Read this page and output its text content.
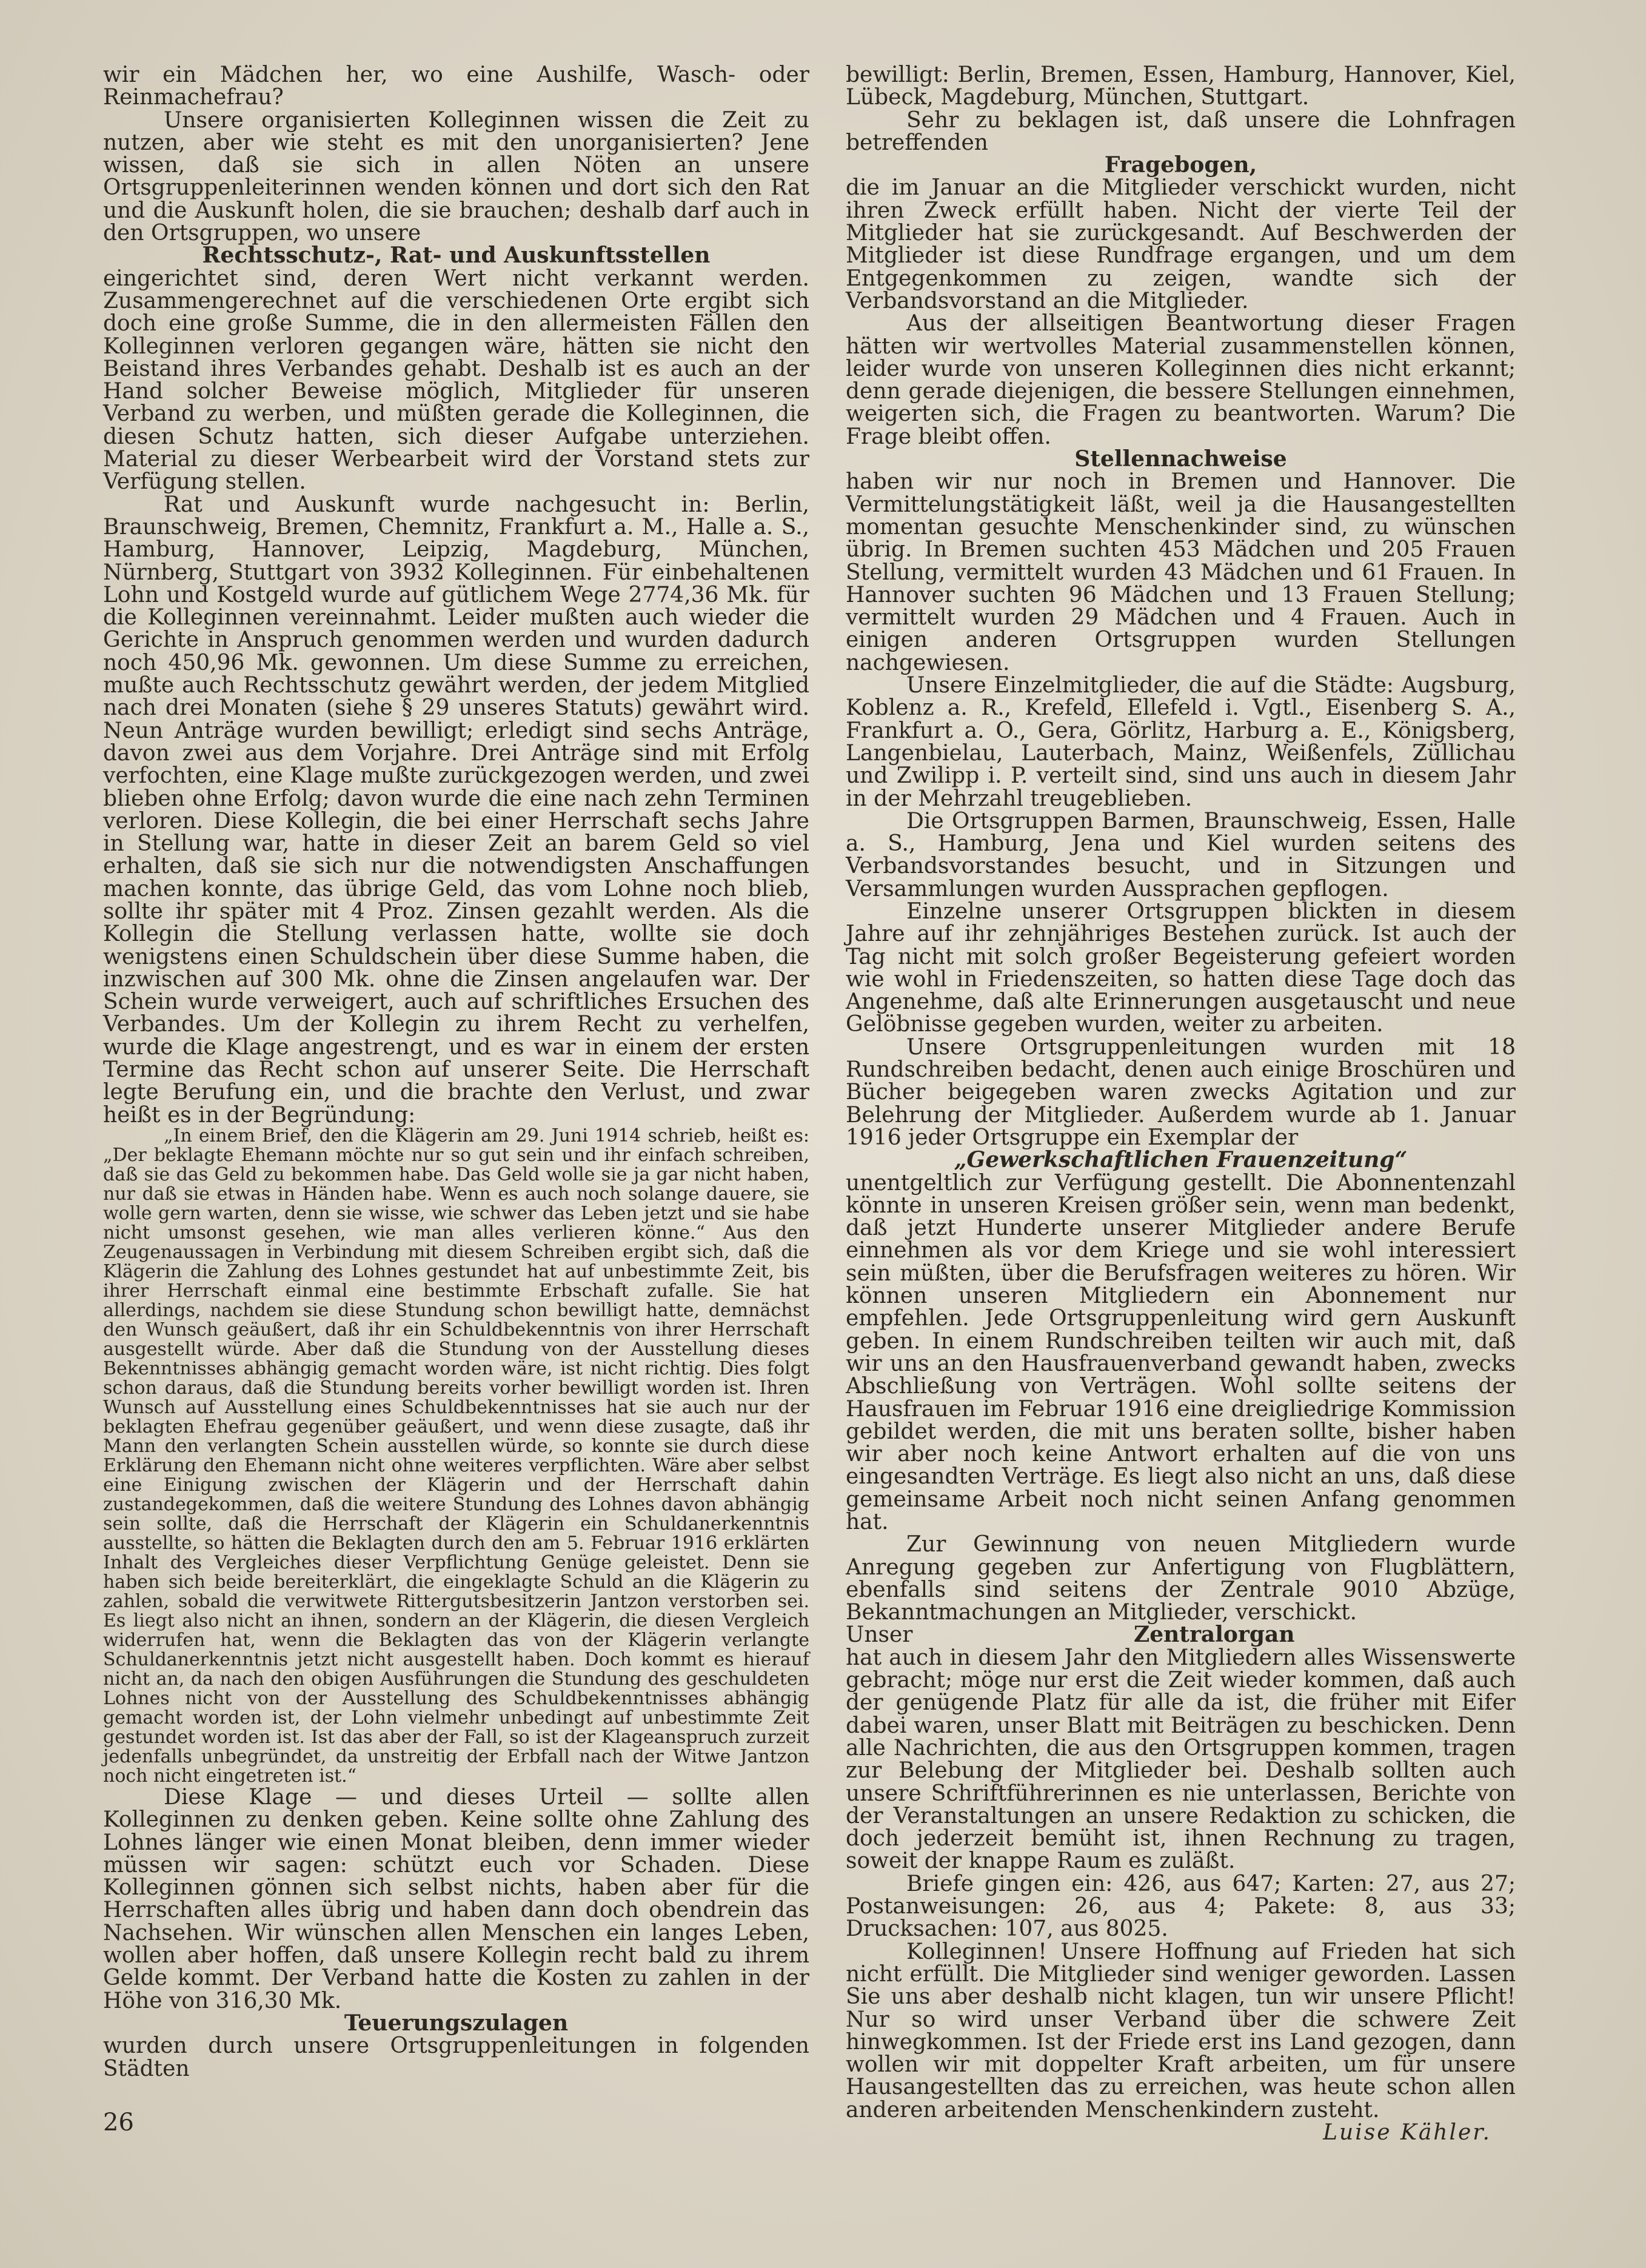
wir ein Mädchen her, wo eine Aushilfe, Wasch- oder Reinmachefrau?

Unsere organisierten Kolleginnen wissen die Zeit zu nutzen, aber wie steht es mit den unorganisierten? Jene wissen, daß sie sich in allen Nöten an unsere Ortsgruppenleiterinnen wenden können und dort sich den Rat und die Auskunft holen, die sie brauchen; deshalb darf auch in den Ortsgruppen, wo unsere

Rechtsschutz-, Rat- und Auskunftsstellen

eingerichtet sind, deren Wert nicht verkannt werden. Zusammengerechnet auf die verschiedenen Orte ergibt sich doch eine große Summe, die in den allermeisten Fällen den Kolleginnen verloren gegangen wäre, hätten sie nicht den Beistand ihres Verbandes gehabt. Deshalb ist es auch an der Hand solcher Beweise möglich, Mitglieder für unseren Verband zu werben, und müßten gerade die Kolleginnen, die diesen Schutz hatten, sich dieser Aufgabe unterziehen. Material zu dieser Werbearbeit wird der Vorstand stets zur Verfügung stellen.

Rat und Auskunft wurde nachgesucht in: Berlin, Braunschweig, Bremen, Chemnitz, Frankfurt a. M., Halle a. S., Hamburg, Hannover, Leipzig, Magdeburg, München, Nürnberg, Stuttgart von 3932 Kolleginnen. Für einbehaltenen Lohn und Kostgeld wurde auf gütlichem Wege 2774,36 Mk. für die Kolleginnen vereinnahmt. Leider mußten auch wieder die Gerichte in Anspruch genommen werden und wurden dadurch noch 450,96 Mk. gewonnen. Um diese Summe zu erreichen, mußte auch Rechtsschutz gewährt werden, der jedem Mitglied nach drei Monaten (siehe § 29 unseres Statuts) gewährt wird. Neun Anträge wurden bewilligt; erledigt sind sechs Anträge, davon zwei aus dem Vorjahre. Drei Anträge sind mit Erfolg verfochten, eine Klage mußte zurückgezogen werden, und zwei blieben ohne Erfolg; davon wurde die eine nach zehn Terminen verloren. Diese Kollegin, die bei einer Herrschaft sechs Jahre in Stellung war, hatte in dieser Zeit an barem Geld so viel erhalten, daß sie sich nur die notwendigsten Anschaffungen machen konnte, das übrige Geld, das vom Lohne noch blieb, sollte ihr später mit 4 Proz. Zinsen gezahlt werden. Als die Kollegin die Stellung verlassen hatte, wollte sie doch wenigstens einen Schuldschein über diese Summe haben, die inzwischen auf 300 Mk. ohne die Zinsen angelaufen war. Der Schein wurde verweigert, auch auf schriftliches Ersuchen des Verbandes. Um der Kollegin zu ihrem Recht zu verhelfen, wurde die Klage angestrengt, und es war in einem der ersten Termine das Recht schon auf unserer Seite. Die Herrschaft legte Berufung ein, und die brachte den Verlust, und zwar heißt es in der Begründung:

„In einem Brief, den die Klägerin am 29. Juni 1914 schrieb, heißt es: „Der beklagte Ehemann möchte nur so gut sein und ihr einfach schreiben, daß sie das Geld zu bekommen habe. Das Geld wolle sie ja gar nicht haben, nur daß sie etwas in Händen habe. Wenn es auch noch solange dauere, sie wolle gern warten, denn sie wisse, wie schwer das Leben jetzt und sie habe nicht umsonst gesehen, wie man alles verlieren könne.“ Aus den Zeugenaussagen in Verbindung mit diesem Schreiben ergibt sich, daß die Klägerin die Zahlung des Lohnes gestundet hat auf unbestimmte Zeit, bis ihrer Herrschaft einmal eine bestimmte Erbschaft zufalle. Sie hat allerdings, nachdem sie diese Stundung schon bewilligt hatte, demnächst den Wunsch geäußert, daß ihr ein Schuldbekenntnis von ihrer Herrschaft ausgestellt würde. Aber daß die Stundung von der Ausstellung dieses Bekenntnisses abhängig gemacht worden wäre, ist nicht richtig. Dies folgt schon daraus, daß die Stundung bereits vorher bewilligt worden ist. Ihren Wunsch auf Ausstellung eines Schuldbekenntnisses hat sie auch nur der beklagten Ehefrau gegenüber geäußert, und wenn diese zusagte, daß ihr Mann den verlangten Schein ausstellen würde, so konnte sie durch diese Erklärung den Ehemann nicht ohne weiteres verpflichten. Wäre aber selbst eine Einigung zwischen der Klägerin und der Herrschaft dahin zustandegekommen, daß die weitere Stundung des Lohnes davon abhängig sein sollte, daß die Herrschaft der Klägerin ein Schuldanerkenntnis ausstellte, so hätten die Beklagten durch den am 5. Februar 1916 erklärten Inhalt des Vergleiches dieser Verpflichtung Genüge geleistet. Denn sie haben sich beide bereiterklärt, die eingeklagte Schuld an die Klägerin zu zahlen, sobald die verwitwete Rittergutsbesitzerin Jantzon verstorben sei. Es liegt also nicht an ihnen, sondern an der Klägerin, die diesen Vergleich widerrufen hat, wenn die Beklagten das von der Klägerin verlangte Schuldanerkenntnis jetzt nicht ausgestellt haben. Doch kommt es hierauf nicht an, da nach den obigen Ausführungen die Stundung des geschuldeten Lohnes nicht von der Ausstellung des Schuldbekenntnisses abhängig gemacht worden ist, der Lohn vielmehr unbedingt auf unbestimmte Zeit gestundet worden ist. Ist das aber der Fall, so ist der Klageanspruch zurzeit jedenfalls unbegründet, da unstreitig der Erbfall nach der Witwe Jantzon noch nicht eingetreten ist.“

Diese Klage — und dieses Urteil — sollte allen Kolleginnen zu denken geben. Keine sollte ohne Zahlung des Lohnes länger wie einen Monat bleiben, denn immer wieder müssen wir sagen: schützt euch vor Schaden. Diese Kolleginnen gönnen sich selbst nichts, haben aber für die Herrschaften alles übrig und haben dann doch obendrein das Nachsehen. Wir wünschen allen Menschen ein langes Leben, wollen aber hoffen, daß unsere Kollegin recht bald zu ihrem Gelde kommt. Der Verband hatte die Kosten zu zahlen in der Höhe von 316,30 Mk.

Teuerungszulagen

wurden durch unsere Ortsgruppenleitungen in folgenden Städten

bewilligt: Berlin, Bremen, Essen, Hamburg, Hannover, Kiel, Lübeck, Magdeburg, München, Stuttgart.

Sehr zu beklagen ist, daß unsere die Lohnfragen betreffenden

Fragebogen,

die im Januar an die Mitglieder verschickt wurden, nicht ihren Zweck erfüllt haben. Nicht der vierte Teil der Mitglieder hat sie zurückgesandt. Auf Beschwerden der Mitglieder ist diese Rundfrage ergangen, und um dem Entgegenkommen zu zeigen, wandte sich der Verbandsvorstand an die Mitglieder.

Aus der allseitigen Beantwortung dieser Fragen hätten wir wertvolles Material zusammenstellen können, leider wurde von unseren Kolleginnen dies nicht erkannt; denn gerade diejenigen, die bessere Stellungen einnehmen, weigerten sich, die Fragen zu beantworten. Warum? Die Frage bleibt offen.

Stellennachweise

haben wir nur noch in Bremen und Hannover. Die Vermittelungstätigkeit läßt, weil ja die Hausangestellten momentan gesuchte Menschenkinder sind, zu wünschen übrig. In Bremen suchten 453 Mädchen und 205 Frauen Stellung, vermittelt wurden 43 Mädchen und 61 Frauen. In Hannover suchten 96 Mädchen und 13 Frauen Stellung; vermittelt wurden 29 Mädchen und 4 Frauen. Auch in einigen anderen Ortsgruppen wurden Stellungen nachgewiesen.

Unsere Einzelmitglieder, die auf die Städte: Augsburg, Koblenz a. R., Krefeld, Ellefeld i. Vgtl., Eisenberg S. A., Frankfurt a. O., Gera, Görlitz, Harburg a. E., Königsberg, Langenbielau, Lauterbach, Mainz, Weißenfels, Züllichau und Zwilipp i. P. verteilt sind, sind uns auch in diesem Jahr in der Mehrzahl treugeblieben.

Die Ortsgruppen Barmen, Braunschweig, Essen, Halle a. S., Hamburg, Jena und Kiel wurden seitens des Verbandsvorstandes besucht, und in Sitzungen und Versammlungen wurden Aussprachen gepflogen.

Einzelne unserer Ortsgruppen blickten in diesem Jahre auf ihr zehnjähriges Bestehen zurück. Ist auch der Tag nicht mit solch großer Begeisterung gefeiert worden wie wohl in Friedenszeiten, so hatten diese Tage doch das Angenehme, daß alte Erinnerungen ausgetauscht und neue Gelöbnisse gegeben wurden, weiter zu arbeiten.

Unsere Ortsgruppenleitungen wurden mit 18 Rundschreiben bedacht, denen auch einige Broschüren und Bücher beigegeben waren zwecks Agitation und zur Belehrung der Mitglieder. Außerdem wurde ab 1. Januar 1916 jeder Ortsgruppe ein Exemplar der

„Gewerkschaftlichen Frauenzeitung“

unentgeltlich zur Verfügung gestellt. Die Abonnentenzahl könnte in unseren Kreisen größer sein, wenn man bedenkt, daß jetzt Hunderte unserer Mitglieder andere Berufe einnehmen als vor dem Kriege und sie wohl interessiert sein müßten, über die Berufsfragen weiteres zu hören. Wir können unseren Mitgliedern ein Abonnement nur empfehlen. Jede Ortsgruppenleitung wird gern Auskunft geben. In einem Rundschreiben teilten wir auch mit, daß wir uns an den Hausfrauenverband gewandt haben, zwecks Abschließung von Verträgen. Wohl sollte seitens der Hausfrauen im Februar 1916 eine dreigliedrige Kommission gebildet werden, die mit uns beraten sollte, bisher haben wir aber noch keine Antwort erhalten auf die von uns eingesandten Verträge. Es liegt also nicht an uns, daß diese gemeinsame Arbeit noch nicht seinen Anfang genommen hat.

Zur Gewinnung von neuen Mitgliedern wurde Anregung gegeben zur Anfertigung von Flugblättern, ebenfalls sind seitens der Zentrale 9010 Abzüge, Bekanntmachungen an Mitglieder, verschickt.

Unser	Zentralorgan

hat auch in diesem Jahr den Mitgliedern alles Wissenswerte gebracht; möge nur erst die Zeit wieder kommen, daß auch der genügende Platz für alle da ist, die früher mit Eifer dabei waren, unser Blatt mit Beiträgen zu beschicken. Denn alle Nachrichten, die aus den Ortsgruppen kommen, tragen zur Belebung der Mitglieder bei. Deshalb sollten auch unsere Schriftführerinnen es nie unterlassen, Berichte von der Veranstaltungen an unsere Redaktion zu schicken, die doch jederzeit bemüht ist, ihnen Rechnung zu tragen, soweit der knappe Raum es zuläßt.

Briefe gingen ein: 426, aus 647; Karten: 27, aus 27; Postanweisungen: 26, aus 4; Pakete: 8, aus 33; Drucksachen: 107, aus 8025.

Kolleginnen! Unsere Hoffnung auf Frieden hat sich nicht erfüllt. Die Mitglieder sind weniger geworden. Lassen Sie uns aber deshalb nicht klagen, tun wir unsere Pflicht! Nur so wird unser Verband über die schwere Zeit hinwegkommen. Ist der Friede erst ins Land gezogen, dann wollen wir mit doppelter Kraft arbeiten, um für unsere Hausangestellten das zu erreichen, was heute schon allen anderen arbeitenden Menschenkindern zusteht.

Luise Kähler.

26
